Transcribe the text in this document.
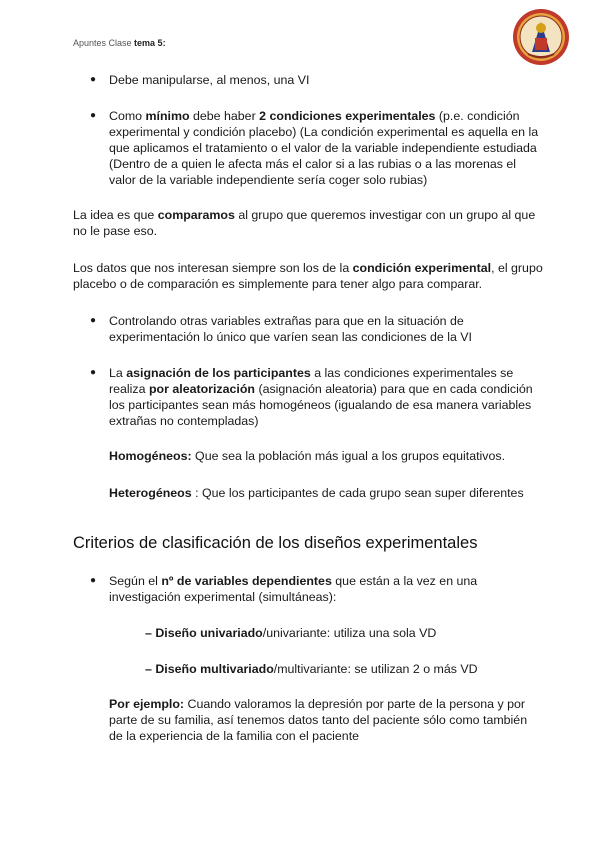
Apuntes Clase tema 5:
● Debe manipularse, al menos, una VI
● Como mínimo debe haber 2 condiciones experimentales (p.e. condición experimental y condición placebo) (La condición experimental es aquella en la que aplicamos el tratamiento o el valor de la variable independiente estudiada (Dentro de a quien le afecta más el calor si a las rubias o a las morenas el valor de la variable independiente sería coger solo rubias)

La idea es que comparamos al grupo que queremos investigar con un grupo al que no le pase eso.

Los datos que nos interesan siempre son los de la condición experimental, el grupo placebo o de comparación es simplemente para tener algo para comparar.

● Controlando otras variables extrañas para que en la situación de experimentación lo único que varíen sean las condiciones de la VI
● La asignación de los participantes a las condiciones experimentales se realiza por aleatorización (asignación aleatoria) para que en cada condición los participantes sean más homogéneos (igualando de esa manera variables extrañas no contempladas)

Homogéneos: Que sea la población más igual a los grupos equitativos.

Heterogéneos : Que los participantes de cada grupo sean super diferentes

Criterios de clasificación de los diseños experimentales
● Según el nº de variables dependientes que están a la vez en una investigación experimental (simultáneas):

– Diseño univariado/univariante: utiliza una sola VD

– Diseño multivariado/multivariante: se utilizan 2 o más VD

Por ejemplo: Cuando valoramos la depresión por parte de la persona y por parte de su familia, así tenemos datos tanto del paciente sólo como también de la experiencia de la familia con el paciente
